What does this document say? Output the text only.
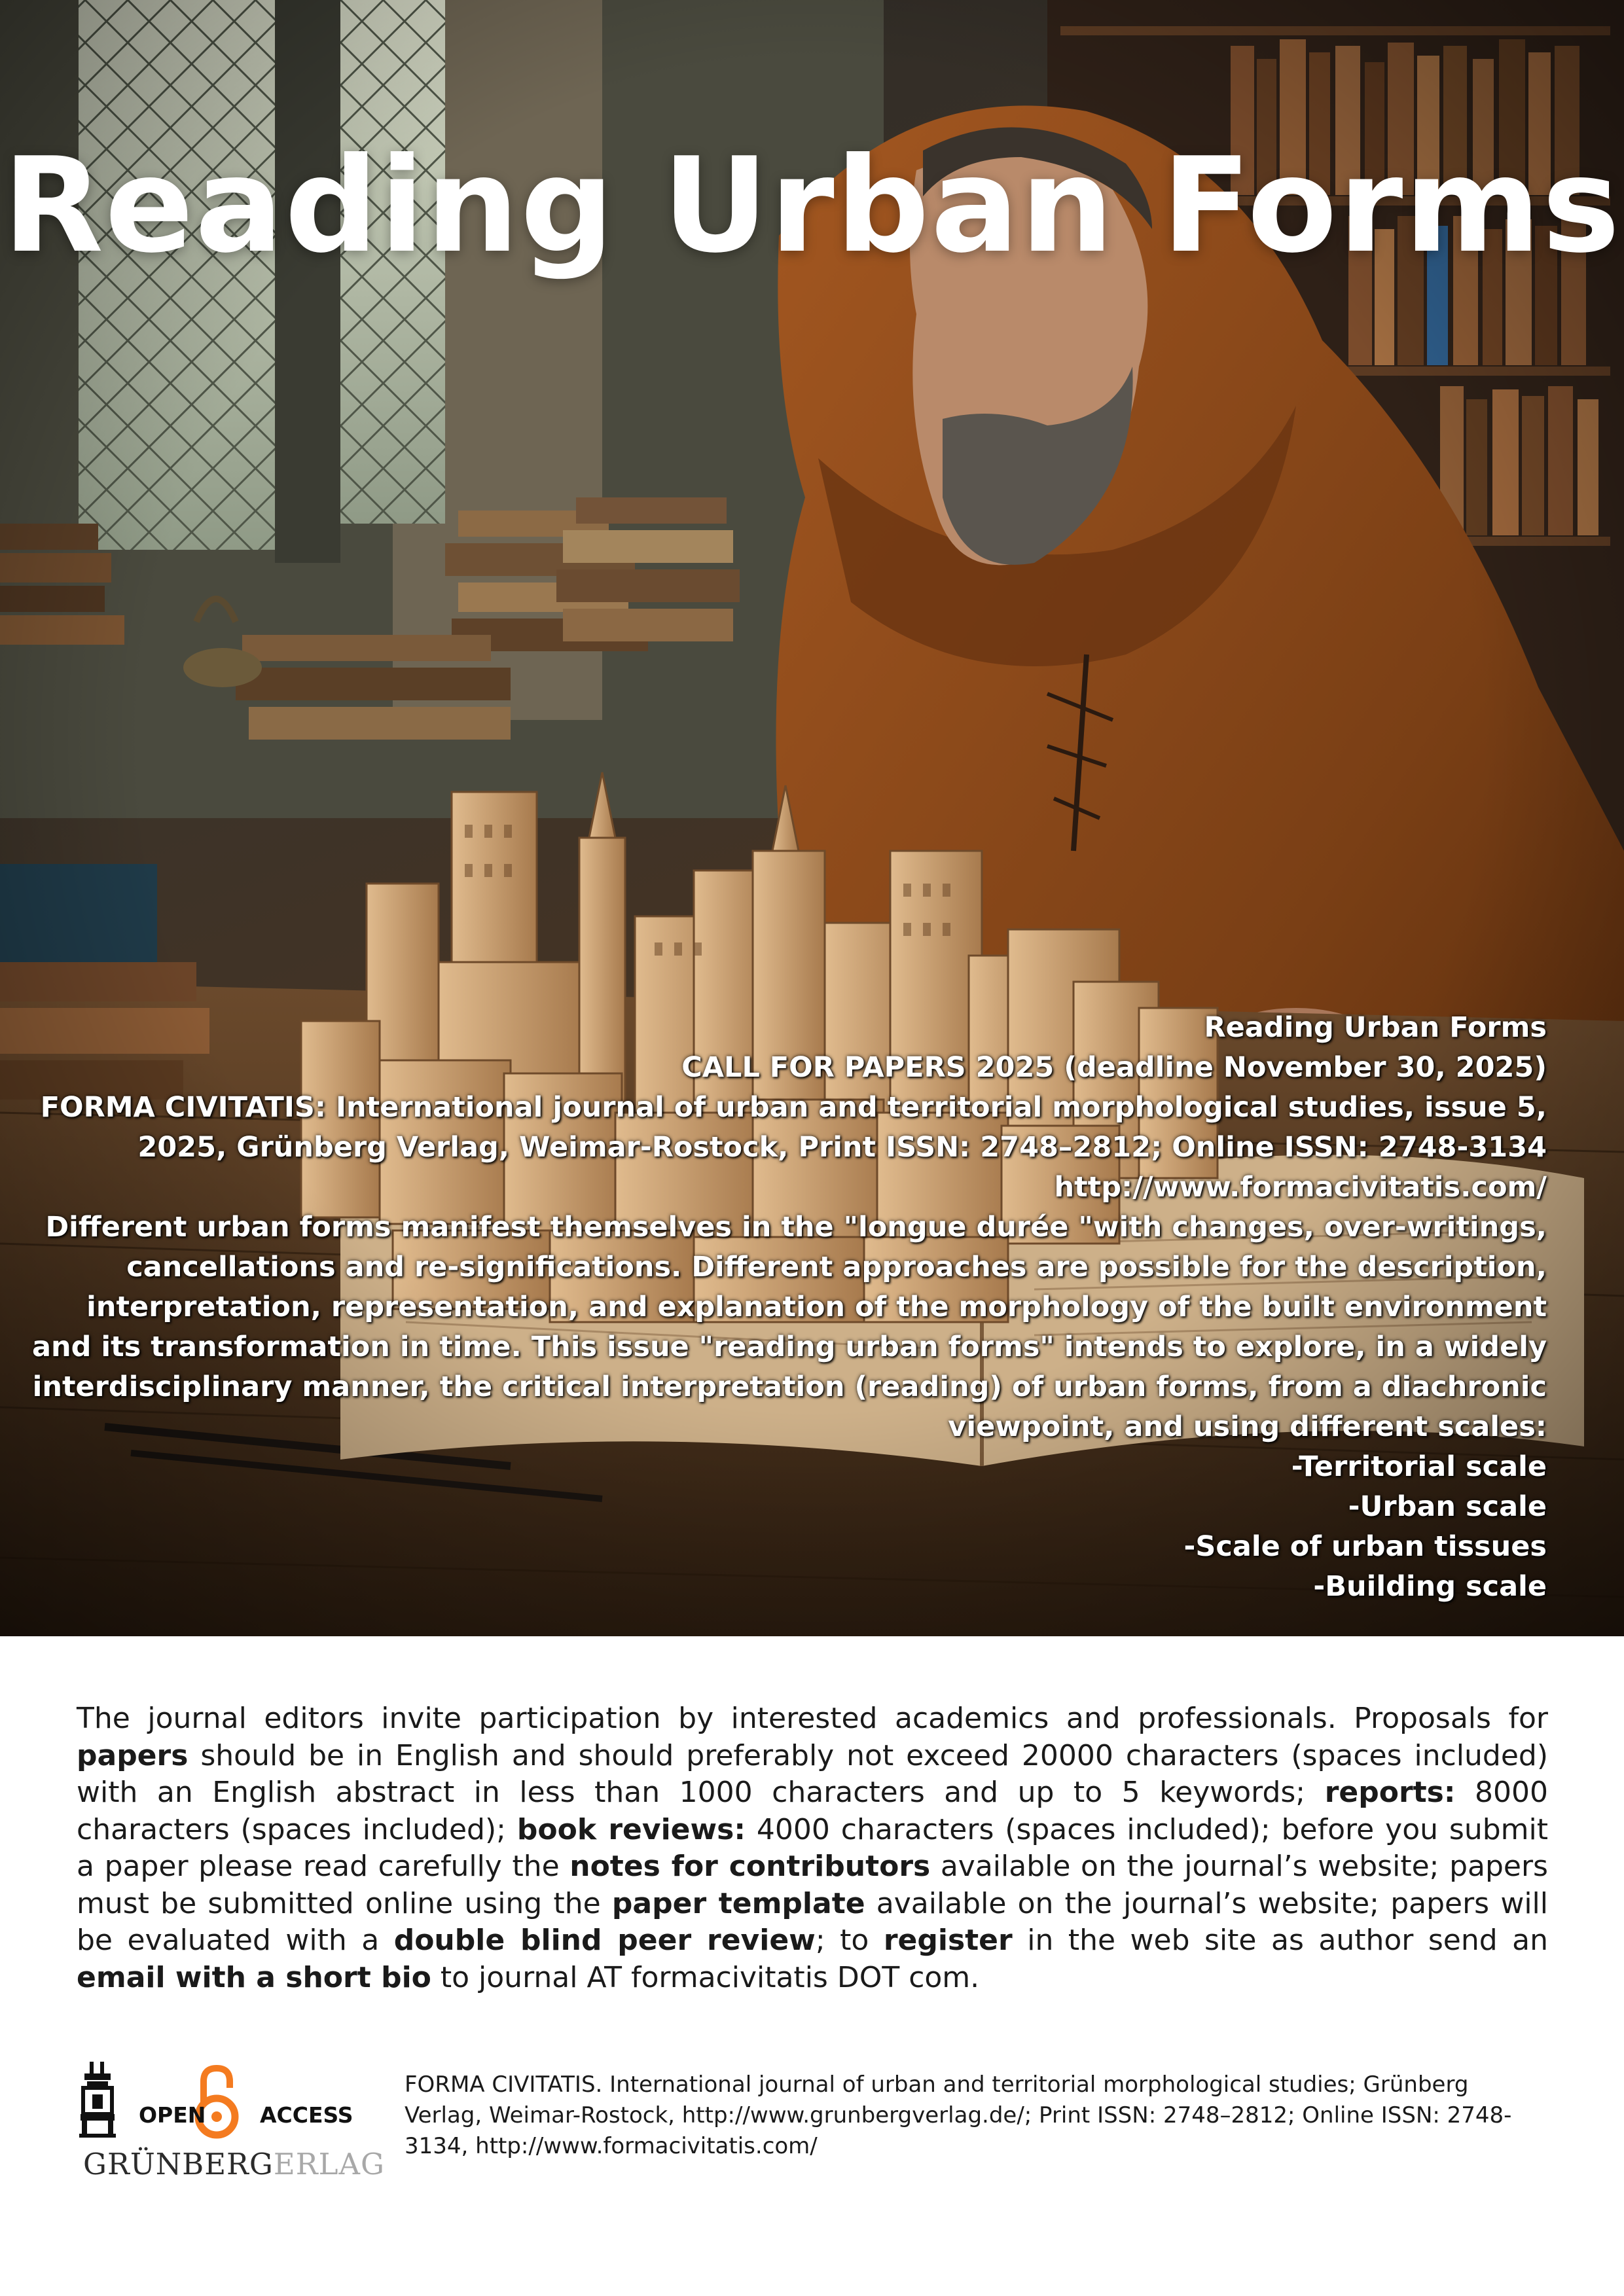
Reading Urban Forms
Reading Urban Forms
CALL FOR PAPERS 2025 (deadline November 30, 2025)
FORMA CIVITATIS: International journal of urban and territorial morphological studies, issue 5,
2025, Grünberg Verlag, Weimar-Rostock, Print ISSN: 2748–2812; Online ISSN: 2748-3134
http://www.formacivitatis.com/
Different urban forms manifest themselves in the "longue durée "with changes, over-writings, cancellations and re-significations. Different approaches are possible for the description, interpretation, representation, and explanation of the morphology of the built environment and its transformation in time. This issue "reading urban forms" intends to explore, in a widely interdisciplinary manner, the critical interpretation (reading) of urban forms, from a diachronic viewpoint, and using different scales:
-Territorial scale
-Urban scale
-Scale of urban tissues
-Building scale
The journal editors invite participation by interested academics and professionals. Proposals for papers should be in English and should preferably not exceed 20000 characters (spaces included) with an English abstract in less than 1000 characters and up to 5 keywords; reports: 8000 characters (spaces included); book reviews: 4000 characters (spaces included); before you submit a paper please read carefully the notes for contributors available on the journal’s website; papers must be submitted online using the paper template available on the journal’s website; papers will be evaluated with a double blind peer review; to register in the web site as author send an email with a short bio to journal AT formacivitatis DOT com.
OPEN	ACCESS
GRÜNBERGERLAG
FORMA CIVITATIS. International journal of urban and territorial morphological studies; Grünberg Verlag, Weimar-Rostock, http://www.grunbergverlag.de/; Print ISSN: 2748–2812; Online ISSN: 2748-3134, http://www.formacivitatis.com/
